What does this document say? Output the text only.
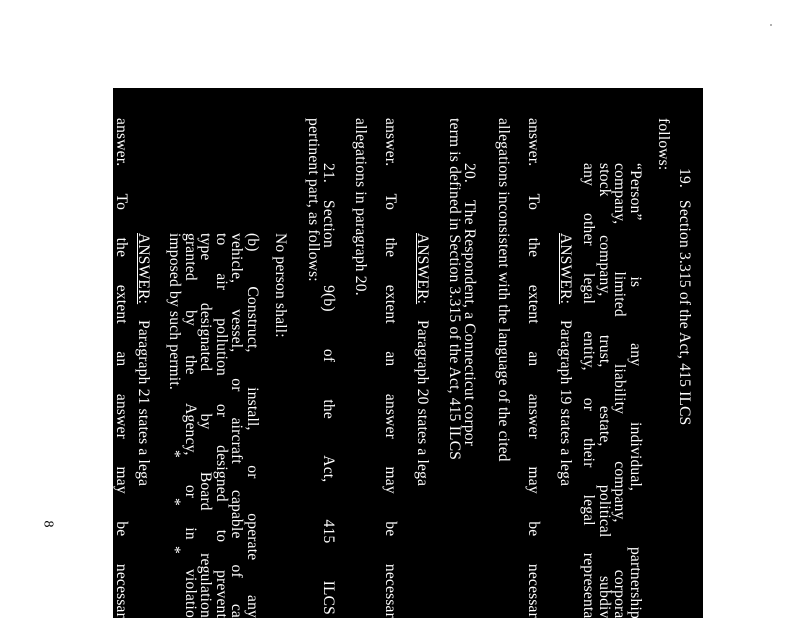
8
19.
Section 3.315 of the Act, 415 ILCS
follows:
“Person” is any individual, partnership,
company, limited liability company, corporat
stock company, trust, estate, political subdivi
any other legal entity, or their legal representat
ANSWER:
Paragraph 19 states a lega
answer. To the extent an answer may be necessar
allegations inconsistent with the language of the cited
20.
The Respondent, a Connecticut corpor
term is defined in Section 3.315 of the Act, 415 ILCS
ANSWER:
Paragraph 20 states a lega
answer. To the extent an answer may be necessar
allegations in paragraph 20.
21.
Section 9(b) of the Act, 415 ILCS
pertinent part, as follows:
No person shall:
(b) Construct, install, or operate any
vehicle, vessel, or aircraft capable of ca
to air pollution or designed to prevent
type designated by Board regulation
granted by the Agency, or in violatio
imposed by such permit.
*
*
*
ANSWER:
Paragraph 21 states a lega
answer. To the extent an answer may be necessar
allegations inconsistent with the language of the cited
